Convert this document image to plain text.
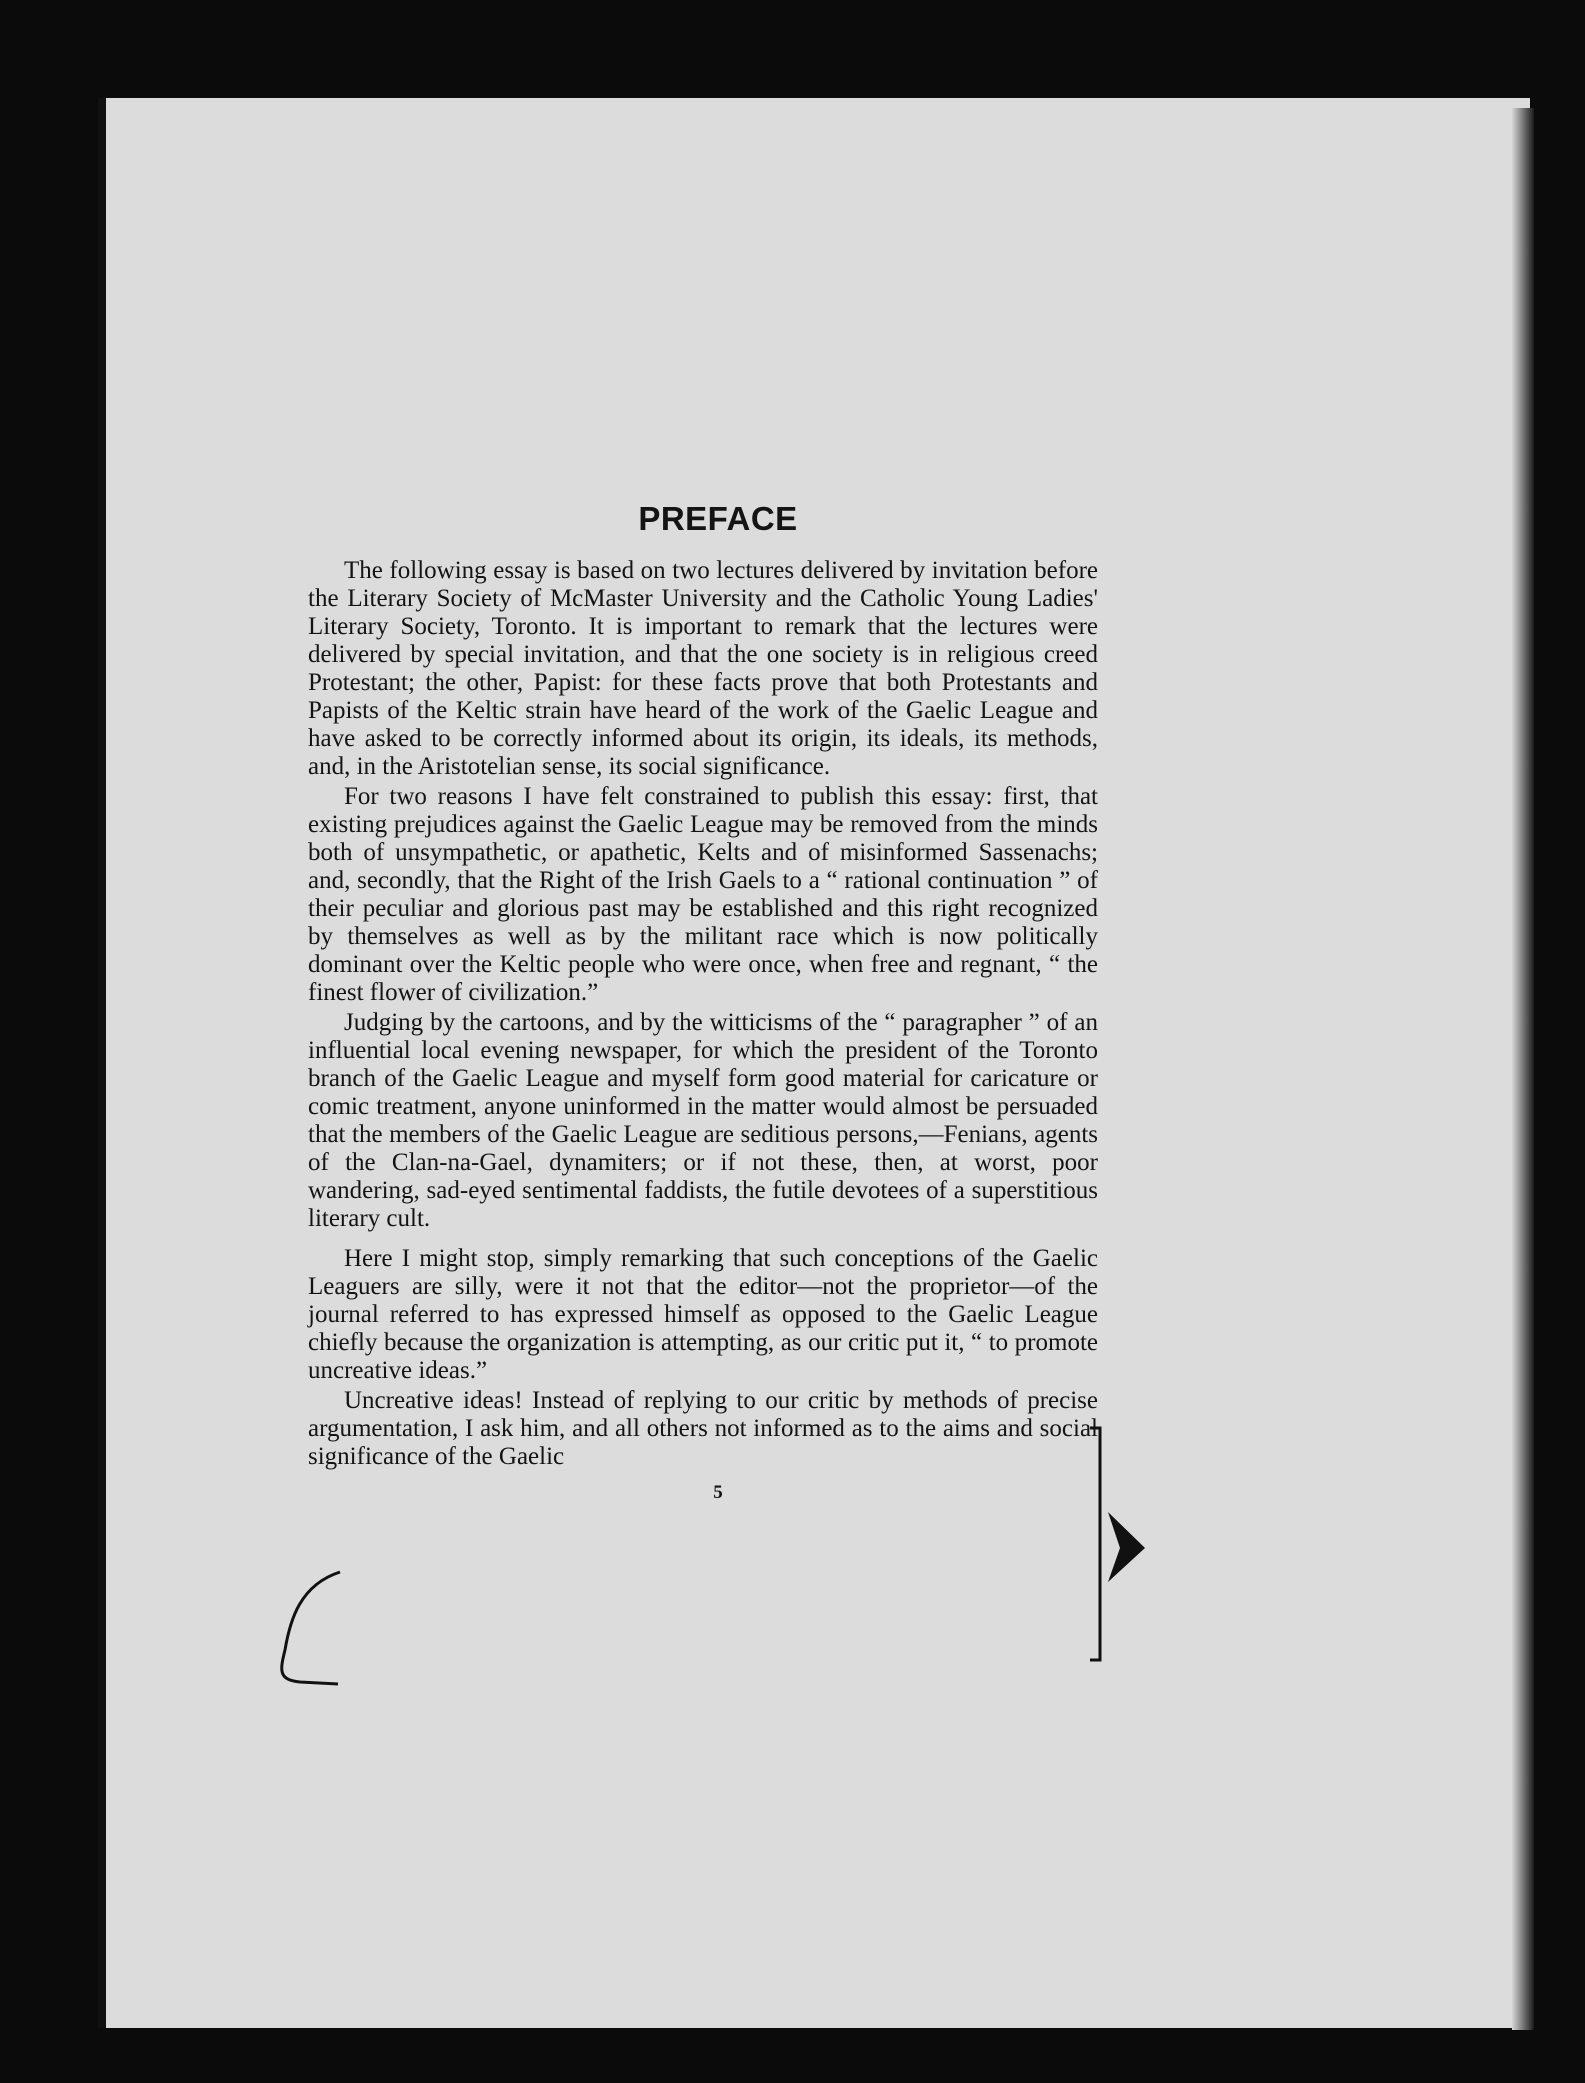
PREFACE

The following essay is based on two lectures delivered by invitation before the Literary Society of McMaster University and the Catholic Young Ladies' Literary Society, Toronto. It is important to remark that the lectures were delivered by special invitation, and that the one society is in religious creed Protestant; the other, Papist: for these facts prove that both Protestants and Papists of the Keltic strain have heard of the work of the Gaelic League and have asked to be correctly informed about its origin, its ideals, its methods, and, in the Aristotelian sense, its social significance.

For two reasons I have felt constrained to publish this essay: first, that existing prejudices against the Gaelic League may be removed from the minds both of unsympathetic, or apathetic, Kelts and of misinformed Sassenachs; and, secondly, that the Right of the Irish Gaels to a “ rational continuation ” of their peculiar and glorious past may be established and this right recognized by themselves as well as by the militant race which is now politically dominant over the Keltic people who were once, when free and regnant, “ the finest flower of civilization.”

Judging by the cartoons, and by the witticisms of the “ paragrapher ” of an influential local evening newspaper, for which the president of the Toronto branch of the Gaelic League and myself form good material for caricature or comic treatment, anyone uninformed in the matter would almost be persuaded that the members of the Gaelic League are seditious persons,—Fenians, agents of the Clan-na-Gael, dynamiters; or if not these, then, at worst, poor wandering, sad-eyed sentimental faddists, the futile devotees of a superstitious literary cult.

Here I might stop, simply remarking that such conceptions of the Gaelic Leaguers are silly, were it not that the editor—not the proprietor—of the journal referred to has expressed himself as opposed to the Gaelic League chiefly because the organization is attempting, as our critic put it, “ to promote uncreative ideas.”

Uncreative ideas! Instead of replying to our critic by methods of precise argumentation, I ask him, and all others not informed as to the aims and social significance of the Gaelic

5
